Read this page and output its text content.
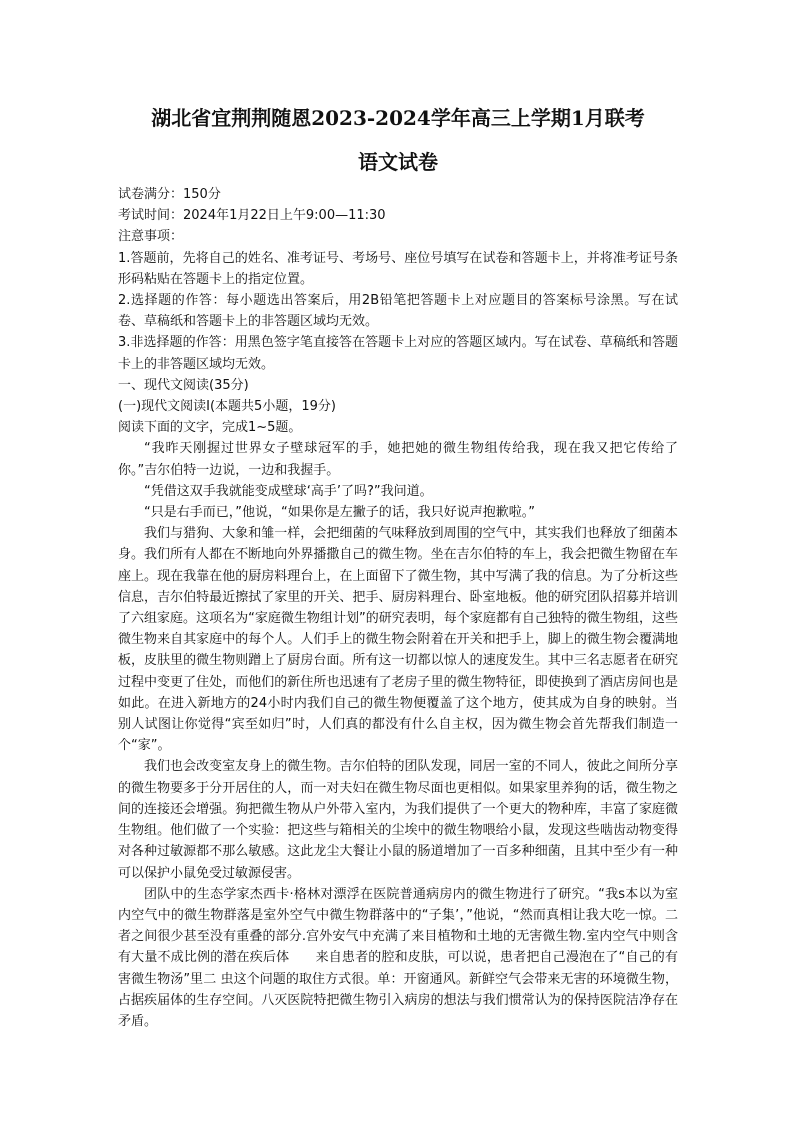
湖北省宜荆荆随恩2023-2024学年高三上学期1月联考
语文试卷

试卷满分：150分

考试时间：2024年1月22日上午9:00—11:30

注意事项：

1.答题前，先将自己的姓名、准考证号、考场号、座位号填写在试卷和答题卡上，并将准考证号条形码粘贴在答题卡上的指定位置。

2.选择题的作答：每小题选出答案后，用2B铅笔把答题卡上对应题目的答案标号涂黑。写在试卷、草稿纸和答题卡上的非答题区域均无效。

3.非选择题的作答：用黑色签字笔直接答在答题卡上对应的答题区域内。写在试卷、草稿纸和答题卡上的非答题区域均无效。

一、现代文阅读(35分)

(一)现代文阅读I(本题共5小题，19分)

阅读下面的文字，完成1~5题。

“我昨天刚握过世界女子壁球冠军的手，她把她的微生物组传给我，现在我又把它传给了你。”吉尔伯特一边说，一边和我握手。

“凭借这双手我就能变成壁球‘高手’了吗?”我问道。

“只是右手而已，”他说，“如果你是左撇子的话，我只好说声抱歉啦。”

我们与猎狗、大象和雏一样，会把细菌的气味释放到周围的空气中，其实我们也释放了细菌本身。我们所有人都在不断地向外界播撒自己的微生物。坐在吉尔伯特的车上，我会把微生物留在车座上。现在我靠在他的厨房料理台上，在上面留下了微生物，其中写满了我的信息。为了分析这些信息，吉尔伯特最近擦拭了家里的开关、把手、厨房料理台、卧室地板。他的研究团队招募并培训了六组家庭。这项名为“家庭微生物组计划”的研究表明，每个家庭都有自己独特的微生物组，这些微生物来自其家庭中的每个人。人们手上的微生物会附着在开关和把手上，脚上的微生物会覆满地板，皮肤里的微生物则蹭上了厨房台面。所有这一切都以惊人的速度发生。其中三名志愿者在研究过程中变更了住处，而他们的新住所也迅速有了老房子里的微生物特征，即使换到了酒店房间也是如此。在进入新地方的24小时内我们自己的微生物便覆盖了这个地方，使其成为自身的映射。当别人试图让你觉得“宾至如归”时，人们真的都没有什么自主权，因为微生物会首先帮我们制造一个“家”。

我们也会改变室友身上的微生物。吉尔伯特的团队发现，同居一室的不同人，彼此之间所分享的微生物要多于分开居住的人，而一对夫妇在微生物尽面也更相似。如果家里养狗的话，微生物之间的连接还会增强。狗把微生物从户外带入室内，为我们提供了一个更大的物种库，丰富了家庭微生物组。他们做了一个实验：把这些与箱相关的尘埃中的微生物喂给小鼠，发现这些啮齿动物变得对各种过敏源都不那么敏感。这此龙尘大餐让小鼠的肠道增加了一百多种细菌，且其中至少有一种可以保护小鼠免受过敏源侵害。

团队中的生态学家杰西卡·格林对漂浮在医院普通病房内的微生物进行了研究。“我s本以为室内空气中的微生物群落是室外空气中微生物群落中的“子集’，”他说，“然而真相让我大吃一惊。二者之间很少甚至没有重叠的部分.宫外安气中充满了来目植物和土地的无害微生物.室内空气中则含有大量不成比例的潜在疾后体　　来自患者的腔和皮肤，可以说，患者把自己漫泡在了“自己的有害微生物汤”里二 虫这个问题的取住方式很。单：开窗通风。新鲜空气会带来无害的环境微生物，占据疾届体的生存空间。八灭医院特把微生物引入病房的想法与我们惯常认为的保持医院洁净存在矛盾。
